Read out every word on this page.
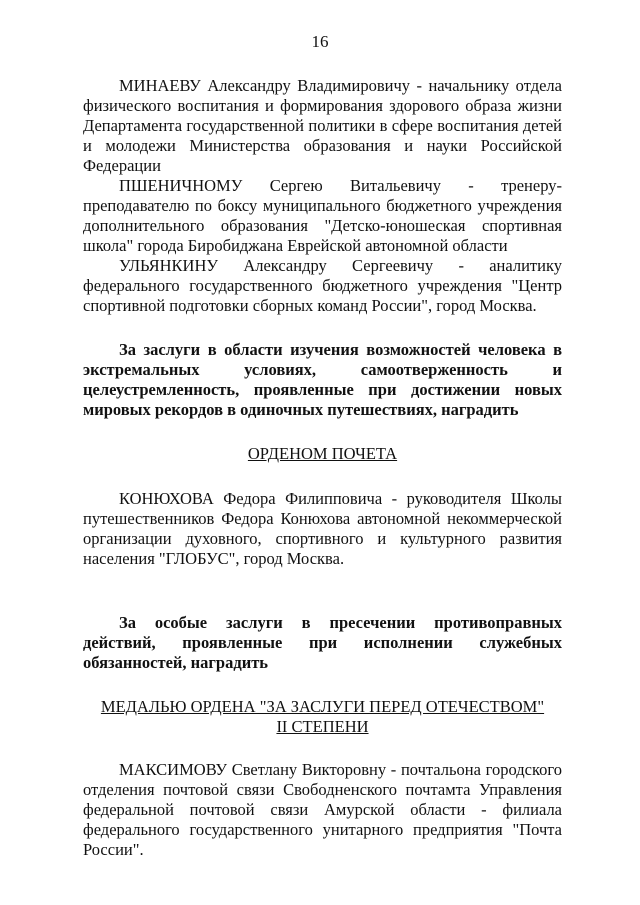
16

МИНАЕВУ Александру Владимировичу - начальнику отдела физического воспитания и формирования здорового образа жизни Департамента государственной политики в сфере воспитания детей и молодежи Министерства образования и науки Российской Федерации

ПШЕНИЧНОМУ Сергею Витальевичу - тренеру-преподавателю по боксу муниципального бюджетного учреждения дополнительного образования "Детско-юношеская спортивная школа" города Биробиджана Еврейской автономной области

УЛЬЯНКИНУ Александру Сергеевичу - аналитику федерального государственного бюджетного учреждения "Центр спортивной подготовки сборных команд России", город Москва.

За заслуги в области изучения возможностей человека в экстремальных условиях, самоотверженность и целеустремленность, проявленные при достижении новых мировых рекордов в одиночных путешествиях, наградить

ОРДЕНОМ ПОЧЕТА

КОНЮХОВА Федора Филипповича - руководителя Школы путешественников Федора Конюхова автономной некоммерческой организации духовного, спортивного и культурного развития населения "ГЛОБУС", город Москва.

За особые заслуги в пресечении противоправных действий, проявленные при исполнении служебных обязанностей, наградить

МЕДАЛЬЮ ОРДЕНА "ЗА ЗАСЛУГИ ПЕРЕД ОТЕЧЕСТВОМ"

II СТЕПЕНИ

МАКСИМОВУ Светлану Викторовну - почтальона городского отделения почтовой связи Свободненского почтамта Управления федеральной почтовой связи Амурской области - филиала федерального государственного унитарного предприятия "Почта России".
